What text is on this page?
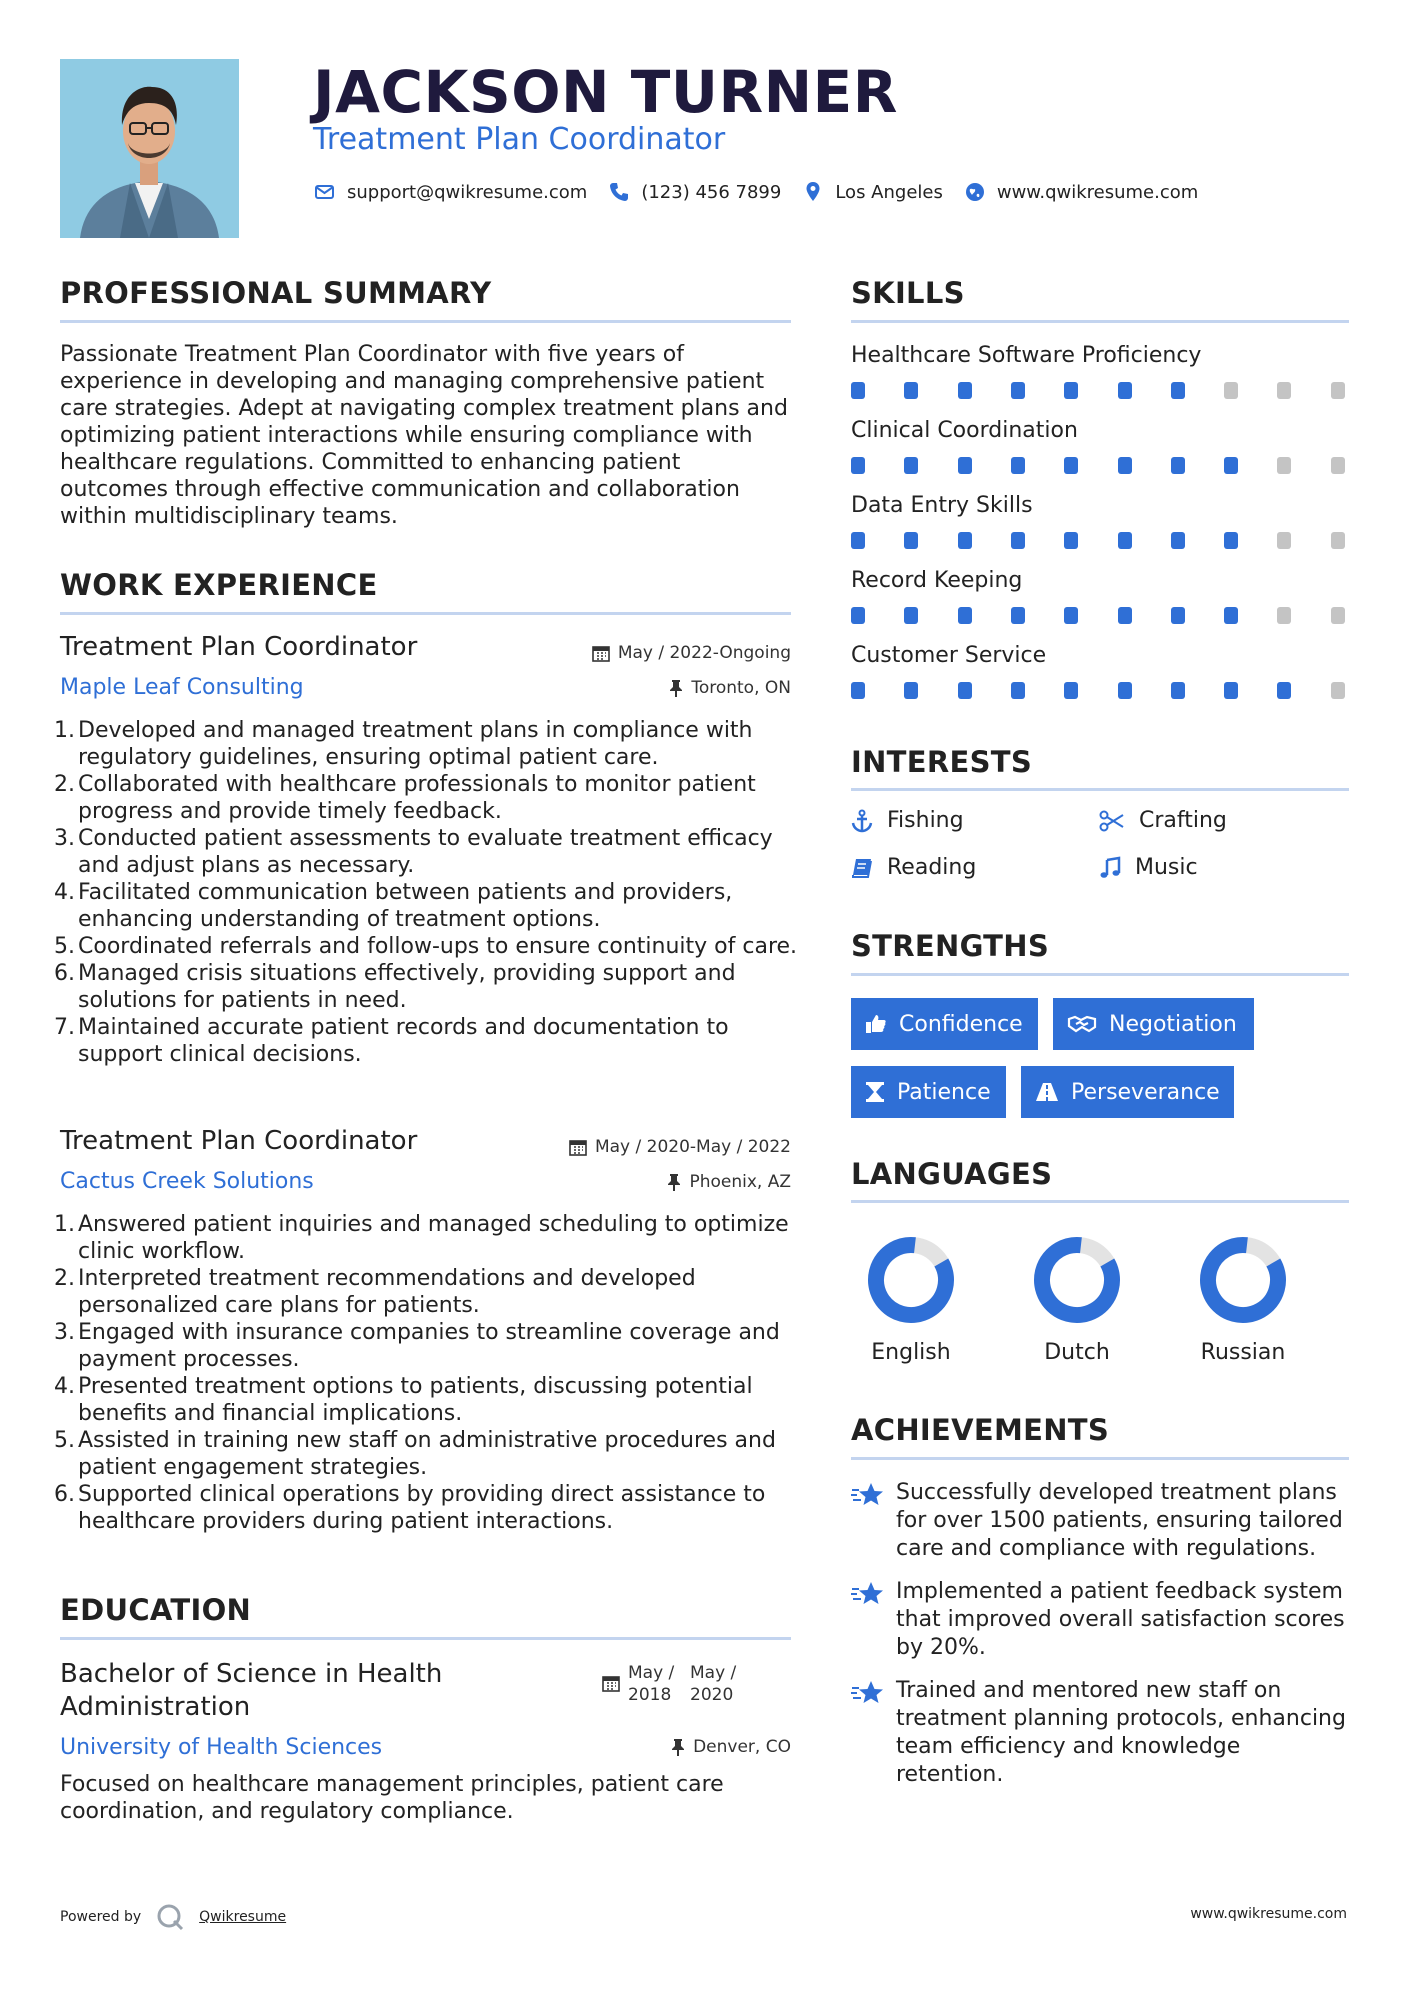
JACKSON TURNER
Treatment Plan Coordinator
support@qwikresume.com	(123) 456 7899	Los Angeles	www.qwikresume.com
PROFESSIONAL SUMMARY
Passionate Treatment Plan Coordinator with five years of experience in developing and managing comprehensive patient care strategies. Adept at navigating complex treatment plans and optimizing patient interactions while ensuring compliance with healthcare regulations. Committed to enhancing patient outcomes through effective communication and collaboration within multidisciplinary teams.
WORK EXPERIENCE
Treatment Plan Coordinator	May / 2022-Ongoing
Maple Leaf Consulting	Toronto, ON
1. Developed and managed treatment plans in compliance with regulatory guidelines, ensuring optimal patient care.
2. Collaborated with healthcare professionals to monitor patient progress and provide timely feedback.
3. Conducted patient assessments to evaluate treatment efficacy and adjust plans as necessary.
4. Facilitated communication between patients and providers, enhancing understanding of treatment options.
5. Coordinated referrals and follow-ups to ensure continuity of care.
6. Managed crisis situations effectively, providing support and solutions for patients in need.
7. Maintained accurate patient records and documentation to support clinical decisions.
Treatment Plan Coordinator	May / 2020-May / 2022
Cactus Creek Solutions	Phoenix, AZ
1. Answered patient inquiries and managed scheduling to optimize clinic workflow.
2. Interpreted treatment recommendations and developed personalized care plans for patients.
3. Engaged with insurance companies to streamline coverage and payment processes.
4. Presented treatment options to patients, discussing potential benefits and financial implications.
5. Assisted in training new staff on administrative procedures and patient engagement strategies.
6. Supported clinical operations by providing direct assistance to healthcare providers during patient interactions.
EDUCATION
Bachelor of Science in Health Administration
May / 2018
May / 2020
University of Health Sciences	Denver, CO
Focused on healthcare management principles, patient care coordination, and regulatory compliance.
SKILLS
Healthcare Software Proficiency
Clinical Coordination
Data Entry Skills
Record Keeping
Customer Service
INTERESTS
Fishing	Crafting
Reading	Music
STRENGTHS
Confidence	Negotiation
Patience	Perseverance
LANGUAGES
English	Dutch	Russian
ACHIEVEMENTS
Successfully developed treatment plans for over 1500 patients, ensuring tailored care and compliance with regulations.
Implemented a patient feedback system that improved overall satisfaction scores by 20%.
Trained and mentored new staff on treatment planning protocols, enhancing team efficiency and knowledge retention.
Powered by	Qwikresume	www.qwikresume.com
